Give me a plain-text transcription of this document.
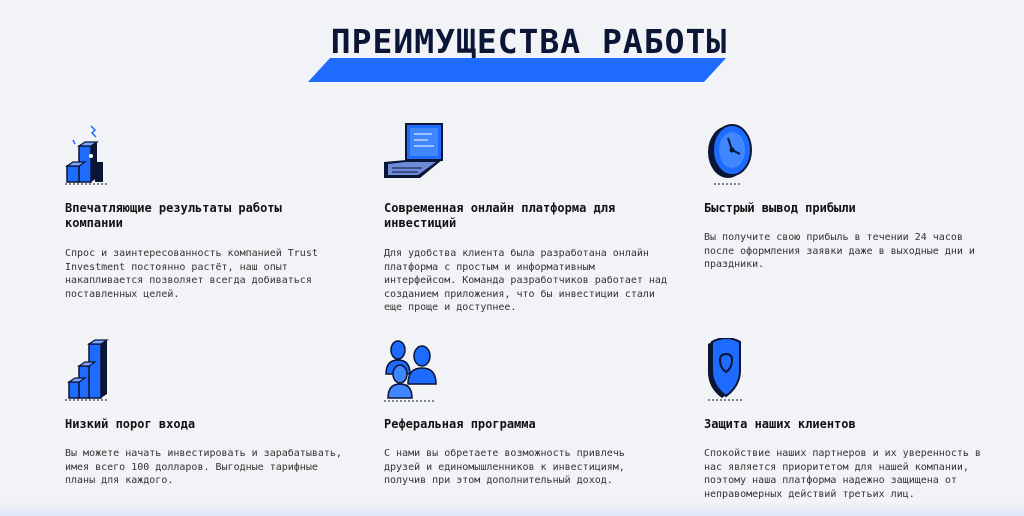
ПРЕИМУЩЕСТВА РАБОТЫ
Впечатляющие результаты работы компании

Спрос и заинтересованность компанией Trust Investment постоянно растёт, наш опыт накапливается позволяет всегда добиваться поставленных целей.

Современная онлайн платформа для инвестиций

Для удобства клиента была разработана онлайн платформа с простым и информативным интерфейсом. Команда разработчиков работает над созданием приложения, что бы инвестиции стали еще проще и доступнее.

Быстрый вывод прибыли

Вы получите свою прибыль в течении 24 часов после оформления заявки даже в выходные дни и праздники.

Низкий порог входа

Вы можете начать инвестировать и зарабатывать, имея всего 100 долларов. Выгодные тарифные планы для каждого.

Реферальная программа

С нами вы обретаете возможность привлечь друзей и единомышленников к инвестициям, получив при этом дополнительный доход.

Защита наших клиентов

Спокойствие наших партнеров и их уверенность в нас является приоритетом для нашей компании, поэтому наша платформа надежно защищена от неправомерных действий третьих лиц.
